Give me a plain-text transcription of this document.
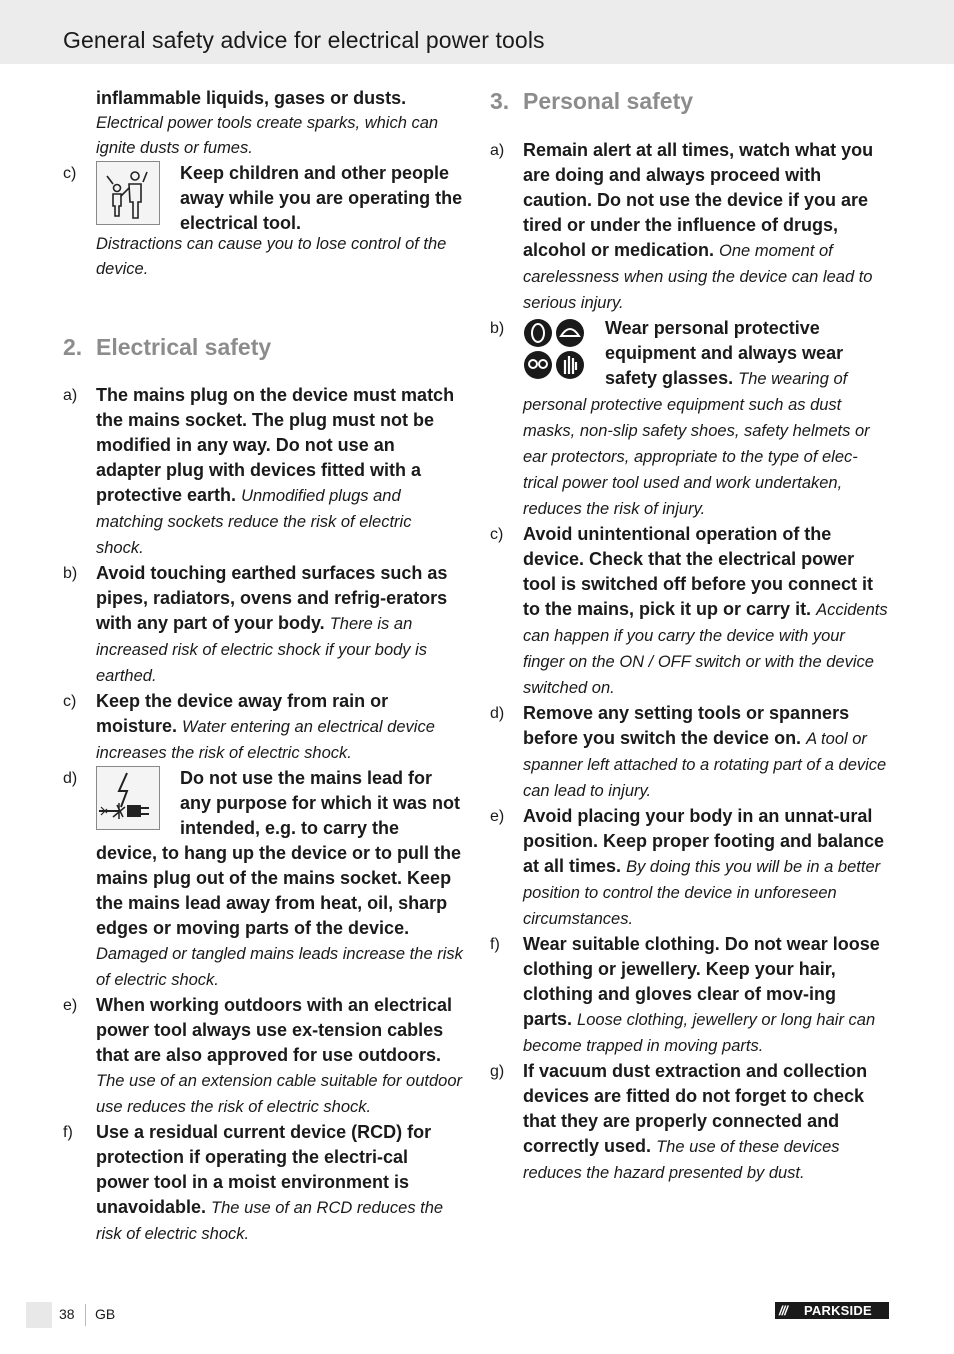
General safety advice for electrical power tools

inflammable liquids, gases or dusts.

Electrical power tools create sparks, which can ignite dusts or fumes.

c)	Keep children and other people away while you are operating the electrical tool.

Distractions can cause you to lose control of the device.

2. Electrical safety
a) The mains plug on the device must match the mains socket. The plug must not be modified in any way. Do not use an adapter plug with devices fitted with a protective earth. Unmodified plugs and matching sockets reduce the risk of electric shock.

b) Avoid touching earthed surfaces such as pipes, radiators, ovens and refrig-erators with any part of your body. There is an increased risk of electric shock if your body is earthed.

c) Keep the device away from rain or moisture. Water entering an electrical device increases the risk of electric shock.

d)	Do not use the mains lead for any purpose for which it was not intended, e.g. to carry the device, to hang up the device or to pull the mains plug out of the mains socket. Keep the mains lead away from heat, oil, sharp edges or moving parts of the device. Damaged or tangled mains leads increase the risk of electric shock.

e) When working outdoors with an electrical power tool always use ex-tension cables that are also approved for use outdoors. The use of an extension cable suitable for outdoor use reduces the risk of electric shock.

f) Use a residual current device (RCD) for protection if operating the electri-cal power tool in a moist environment is unavoidable. The use of an RCD reduces the risk of electric shock.

3. Personal safety
a) Remain alert at all times, watch what you are doing and always proceed with caution. Do not use the device if you are tired or under the influence of drugs, alcohol or medication. One moment of carelessness when using the device can lead to serious injury.

b)	Wear personal protective equipment and always wear safety glasses. The wearing of personal protective equipment such as dust masks, non-slip safety shoes, safety helmets or ear protectors, appropriate to the type of elec-trical power tool used and work undertaken, reduces the risk of injury.

c) Avoid unintentional operation of the device. Check that the electrical power tool is switched off before you connect it to the mains, pick it up or carry it. Accidents can happen if you carry the device with your finger on the ON / OFF switch or with the device switched on.

d) Remove any setting tools or spanners before you switch the device on. A tool or spanner left attached to a rotating part of a device can lead to injury.

e) Avoid placing your body in an unnat-ural position. Keep proper footing and balance at all times. By doing this you will be in a better position to control the device in unforeseen circumstances.

f) Wear suitable clothing. Do not wear loose clothing or jewellery. Keep your hair, clothing and gloves clear of mov-ing parts. Loose clothing, jewellery or long hair can become trapped in moving parts.

g) If vacuum dust extraction and collection devices are fitted do not forget to check that they are properly connected and correctly used. The use of these devices reduces the hazard presented by dust.

38 GB	/// PARKSIDE
